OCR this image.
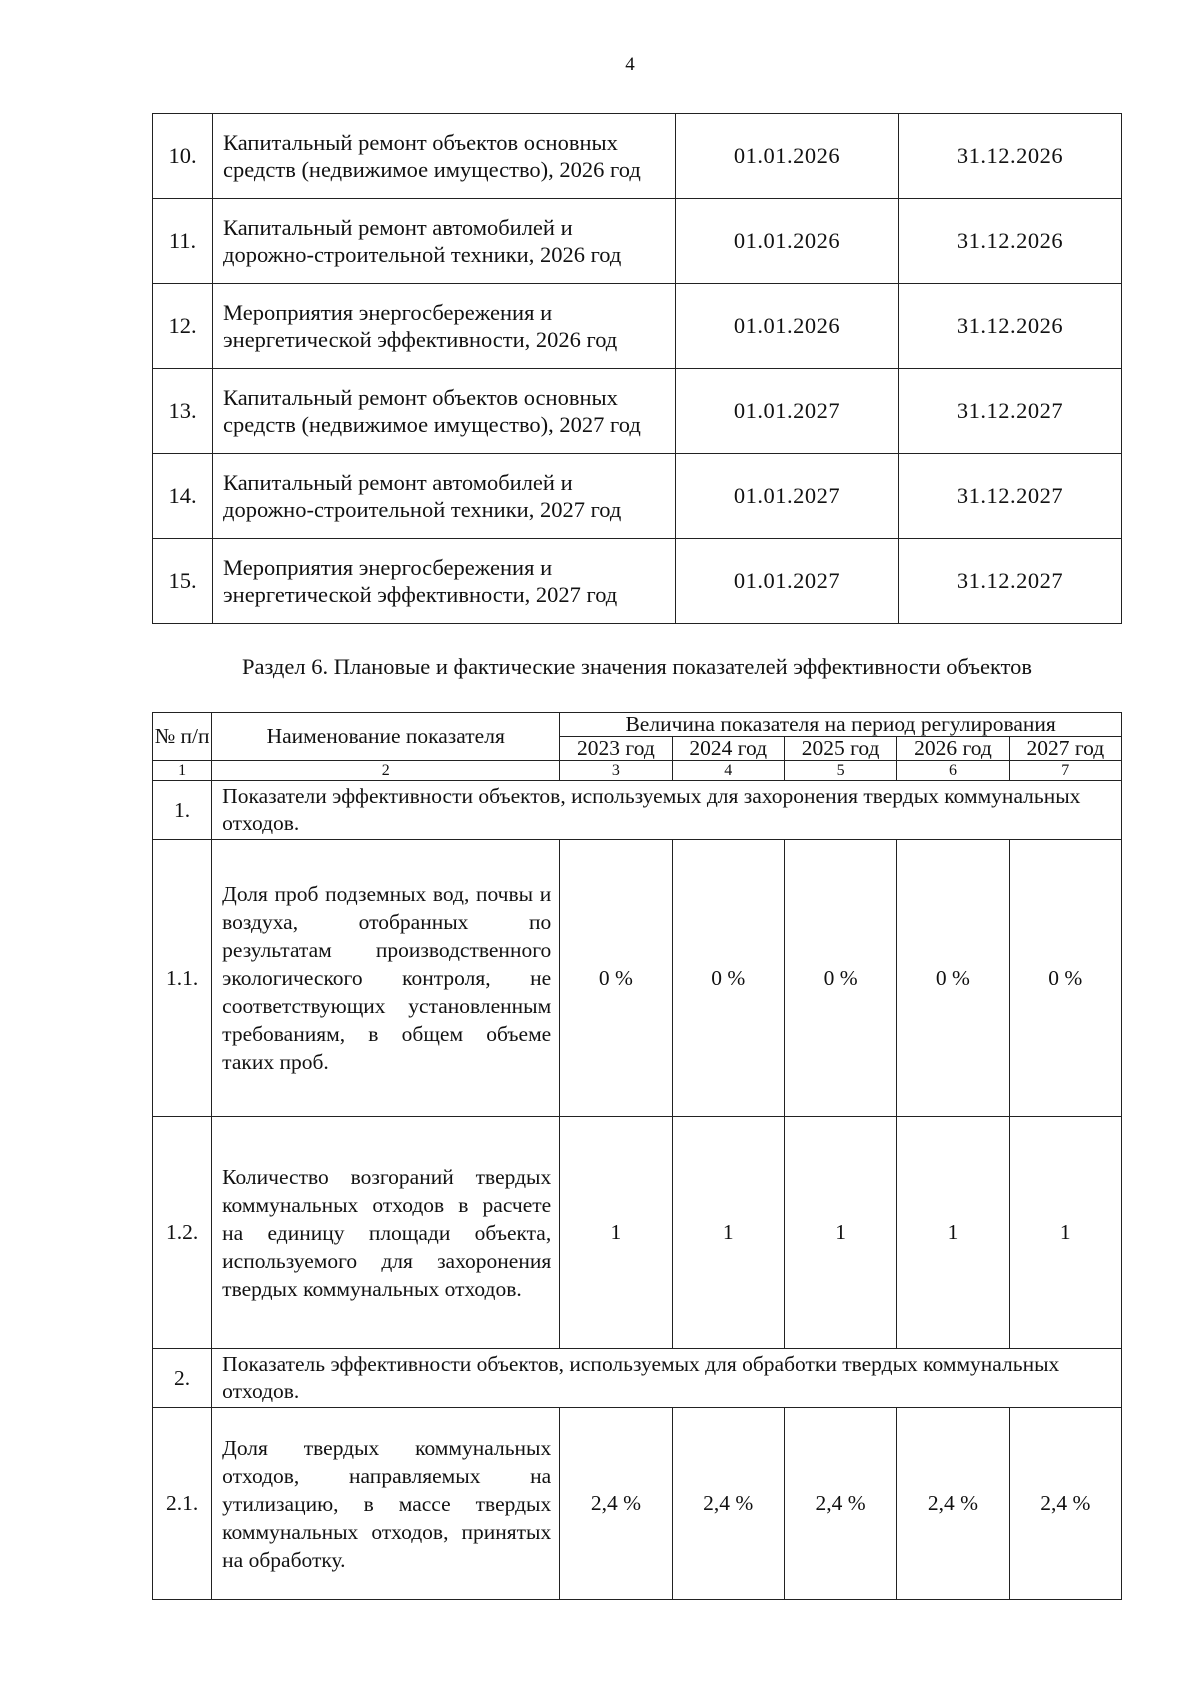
4
10.	Капитальный ремонт объектов основных средств (недвижимое имущество), 2026 год	01.01.2026	31.12.2026
11.	Капитальный ремонт автомобилей и дорожно-строительной техники, 2026 год	01.01.2026	31.12.2026
12.	Мероприятия энергосбережения и энергетической эффективности, 2026 год	01.01.2026	31.12.2026
13.	Капитальный ремонт объектов основных средств (недвижимое имущество), 2027 год	01.01.2027	31.12.2027
14.	Капитальный ремонт автомобилей и дорожно-строительной техники, 2027 год	01.01.2027	31.12.2027
15.	Мероприятия энергосбережения и энергетической эффективности, 2027 год	01.01.2027	31.12.2027
Раздел 6. Плановые и фактические значения показателей эффективности объектов
№ п/п	Наименование показателя	Величина показателя на период регулирования				
		2023 год	2024 год	2025 год	2026 год	2027 год
1	2	3	4	5	6	7
1.	Показатели эффективности объектов, используемых для захоронения твердых коммунальных отходов.					
1.1.	Доля проб подземных вод, почвы и воздуха, отобранных по результатам производственного экологического контроля, не соответствующих установленным требованиям, в общем объеме таких проб.	0 %	0 %	0 %	0 %	0 %
1.2.	Количество возгораний твердых коммунальных отходов в расчете на единицу площади объекта, используемого для захоронения твердых коммунальных отходов.	1	1	1	1	1
2.	Показатель эффективности объектов, используемых для обработки твердых коммунальных отходов.					
2.1.	Доля твердых коммунальных отходов, направляемых на утилизацию, в массе твердых коммунальных отходов, принятых на обработку.	2,4 %	2,4 %	2,4 %	2,4 %	2,4 %
